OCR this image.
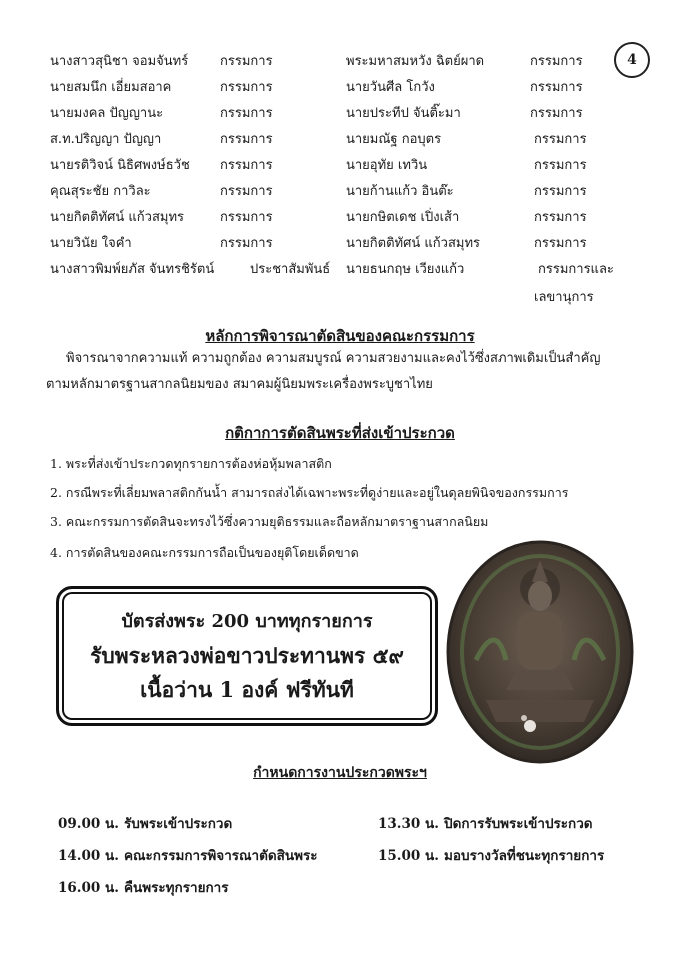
4
นางสาวสุนิชา จอมจันทร์ กรรมการ
นายสมนึก เอี่ยมสอาค	กรรมการ
นายมงคล ปัญญานะ	กรรมการ
ส.ท.ปริญญา ปัญญา	กรรมการ
นายรติวิจน์ นิธิศพงษ์ธวัช กรรมการ
คุณสุระชัย กาวิละ	กรรมการ
นายกิตติทัศน์ แก้วสมุทร	กรรมการ
นายวินัย ใจคำ	กรรมการ
นางสาวพิมพ์ยภัส จันทรชิรัตน์	ประชาสัมพันธ์
พระมหาสมหวัง ฉิตย์ผาด	กรรมการ
นายวันศีล โกวัง	กรรมการ
นายประทีป จันติ๊ะมา	กรรมการ
นายมณัฐ กอบุตร	กรรมการ
นายอุทัย เทวิน	กรรมการ
นายก้านแก้ว อินต๊ะ	กรรมการ
นายกษิตเดช เปิ่งเส้า	กรรมการ
นายกิตติทัศน์ แก้วสมุทร	กรรมการ
นายธนกฤษ เวียงแก้ว	กรรมการและ
เลขานุการ
หลักการพิจารณาตัดสินของคณะกรรมการ
พิจารณาจากความแท้ ความถูกต้อง ความสมบูรณ์ ความสวยงามและคงไว้ซึ่งสภาพเดิมเป็นสำคัญ
ตามหลักมาตรฐานสากลนิยมของ สมาคมผู้นิยมพระเครื่องพระบูชาไทย
กติกาการตัดสินพระที่ส่งเข้าประกวด
1. พระที่ส่งเข้าประกวดทุกรายการต้องห่อหุ้มพลาสติก
2. กรณีพระที่เลี่ยมพลาสติกกันน้ำ สามารถส่งได้เฉพาะพระที่ดูง่ายและอยู่ในดุลยพินิจของกรรมการ
3. คณะกรรมการตัดสินจะทรงไว้ซึ่งความยุติธรรมและถือหลักมาตราฐานสากลนิยม
4. การตัดสินของคณะกรรมการถือเป็นของยุติโดยเด็ดขาด
บัตรส่งพระ 200 บาททุกรายการ
รับพระหลวงพ่อขาวประทานพร ๕๙
เนื้อว่าน 1 องค์ ฟรีทันที
กำหนดการงานประกวดพระฯ
09.00 น. รับพระเข้าประกวด	13.30 น. ปิดการรับพระเข้าประกวด
14.00 น. คณะกรรมการพิจารณาตัดสินพระ	15.00 น. มอบรางวัลที่ชนะทุกรายการ
16.00 น. คืนพระทุกรายการ
